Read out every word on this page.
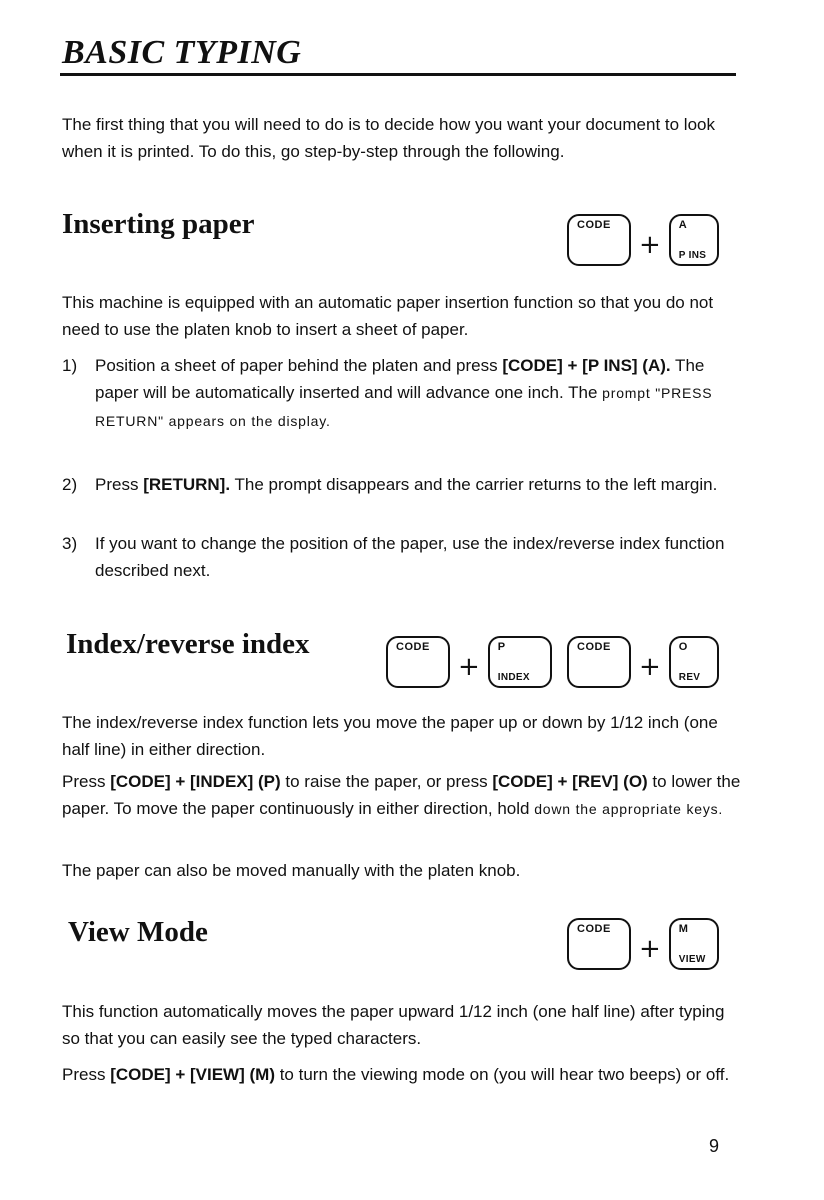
BASIC TYPING

The first thing that you will need to do is to decide how you want your document to look when it is printed. To do this, go step-by-step through the following.

Inserting paper	CODE
+
A
P INS

This machine is equipped with an automatic paper insertion function so that you do not need to use the platen knob to insert a sheet of paper.

1) Position a sheet of paper behind the platen and press [CODE] + [P INS] (A). The paper will be automatically inserted and will advance one inch. The prompt "PRESS RETURN" appears on the display.
2) Press [RETURN]. The prompt disappears and the carrier returns to the left margin.
3) If you want to change the position of the paper, use the index/reverse index function described next.
Index/reverse index	CODE
+
P
INDEX
CODE
+
O
REV

The index/reverse index function lets you move the paper up or down by 1/12 inch (one half line) in either direction.

Press [CODE] + [INDEX] (P) to raise the paper, or press [CODE] + [REV] (O) to lower the paper. To move the paper continuously in either direction, hold down the appropriate keys.

The paper can also be moved manually with the platen knob.

View Mode	CODE
+
M
VIEW

This function automatically moves the paper upward 1/12 inch (one half line) after typing so that you can easily see the typed characters.

Press [CODE] + [VIEW] (M) to turn the viewing mode on (you will hear two beeps) or off.

9
